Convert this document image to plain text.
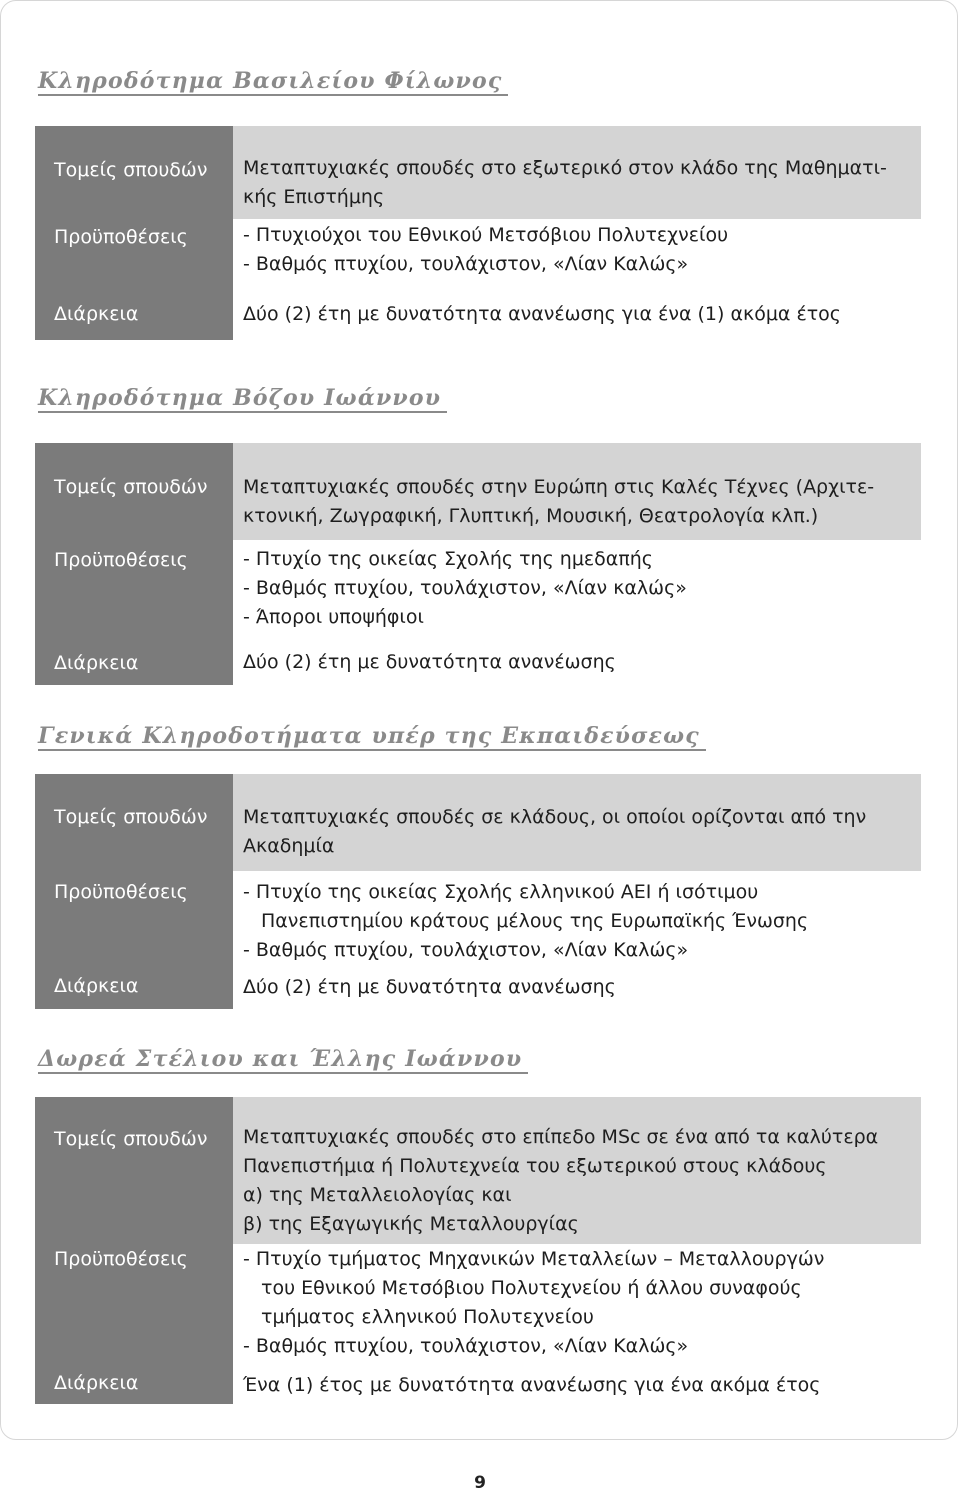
Κληροδότημα Βασιλείου Φίλωνος
Τομείς σπουδών
Προϋποθέσεις
Διάρκεια
Μεταπτυχιακές σπουδές στο εξωτερικό στον κλάδο της Μαθηματι-
κής Επιστήμης
- Πτυχιούχοι του Εθνικού Μετσόβιου Πολυτεχνείου
- Βαθμός πτυχίου, τουλάχιστον, «Λίαν Καλώς»
Δύο (2) έτη με δυνατότητα ανανέωσης για ένα (1) ακόμα έτος
Κληροδότημα Βόζου Ιωάννου
Τομείς σπουδών
Προϋποθέσεις
Διάρκεια
Μεταπτυχιακές σπουδές στην Ευρώπη στις Καλές Τέχνες (Αρχιτε-
κτονική, Ζωγραφική, Γλυπτική, Μουσική, Θεατρολογία κλπ.)
- Πτυχίο της οικείας Σχολής της ημεδαπής
- Βαθμός πτυχίου, τουλάχιστον, «Λίαν καλώς»
- Άποροι υποψήφιοι
Δύο (2) έτη με δυνατότητα ανανέωσης
Γενικά Κληροδοτήματα υπέρ της Εκπαιδεύσεως
Τομείς σπουδών
Προϋποθέσεις
Διάρκεια
Μεταπτυχιακές σπουδές σε κλάδους, οι οποίοι ορίζονται από την
Ακαδημία
- Πτυχίο της οικείας Σχολής ελληνικού ΑΕΙ ή ισότιμου
Πανεπιστημίου κράτους μέλους της Ευρωπαϊκής Ένωσης
- Βαθμός πτυχίου, τουλάχιστον, «Λίαν Καλώς»
Δύο (2) έτη με δυνατότητα ανανέωσης
Δωρεά Στέλιου και Έλλης Ιωάννου
Τομείς σπουδών
Προϋποθέσεις
Διάρκεια
Μεταπτυχιακές σπουδές στο επίπεδο MSc σε ένα από τα καλύτερα
Πανεπιστήμια ή Πολυτεχνεία του εξωτερικού στους κλάδους
α) της Μεταλλειολογίας και
β) της Εξαγωγικής Μεταλλουργίας
- Πτυχίο τμήματος Μηχανικών Μεταλλείων – Μεταλλουργών
του Εθνικού Μετσόβιου Πολυτεχνείου ή άλλου συναφούς
τμήματος ελληνικού Πολυτεχνείου
- Βαθμός πτυχίου, τουλάχιστον, «Λίαν Καλώς»
Ένα (1) έτος με δυνατότητα ανανέωσης για ένα ακόμα έτος
9
